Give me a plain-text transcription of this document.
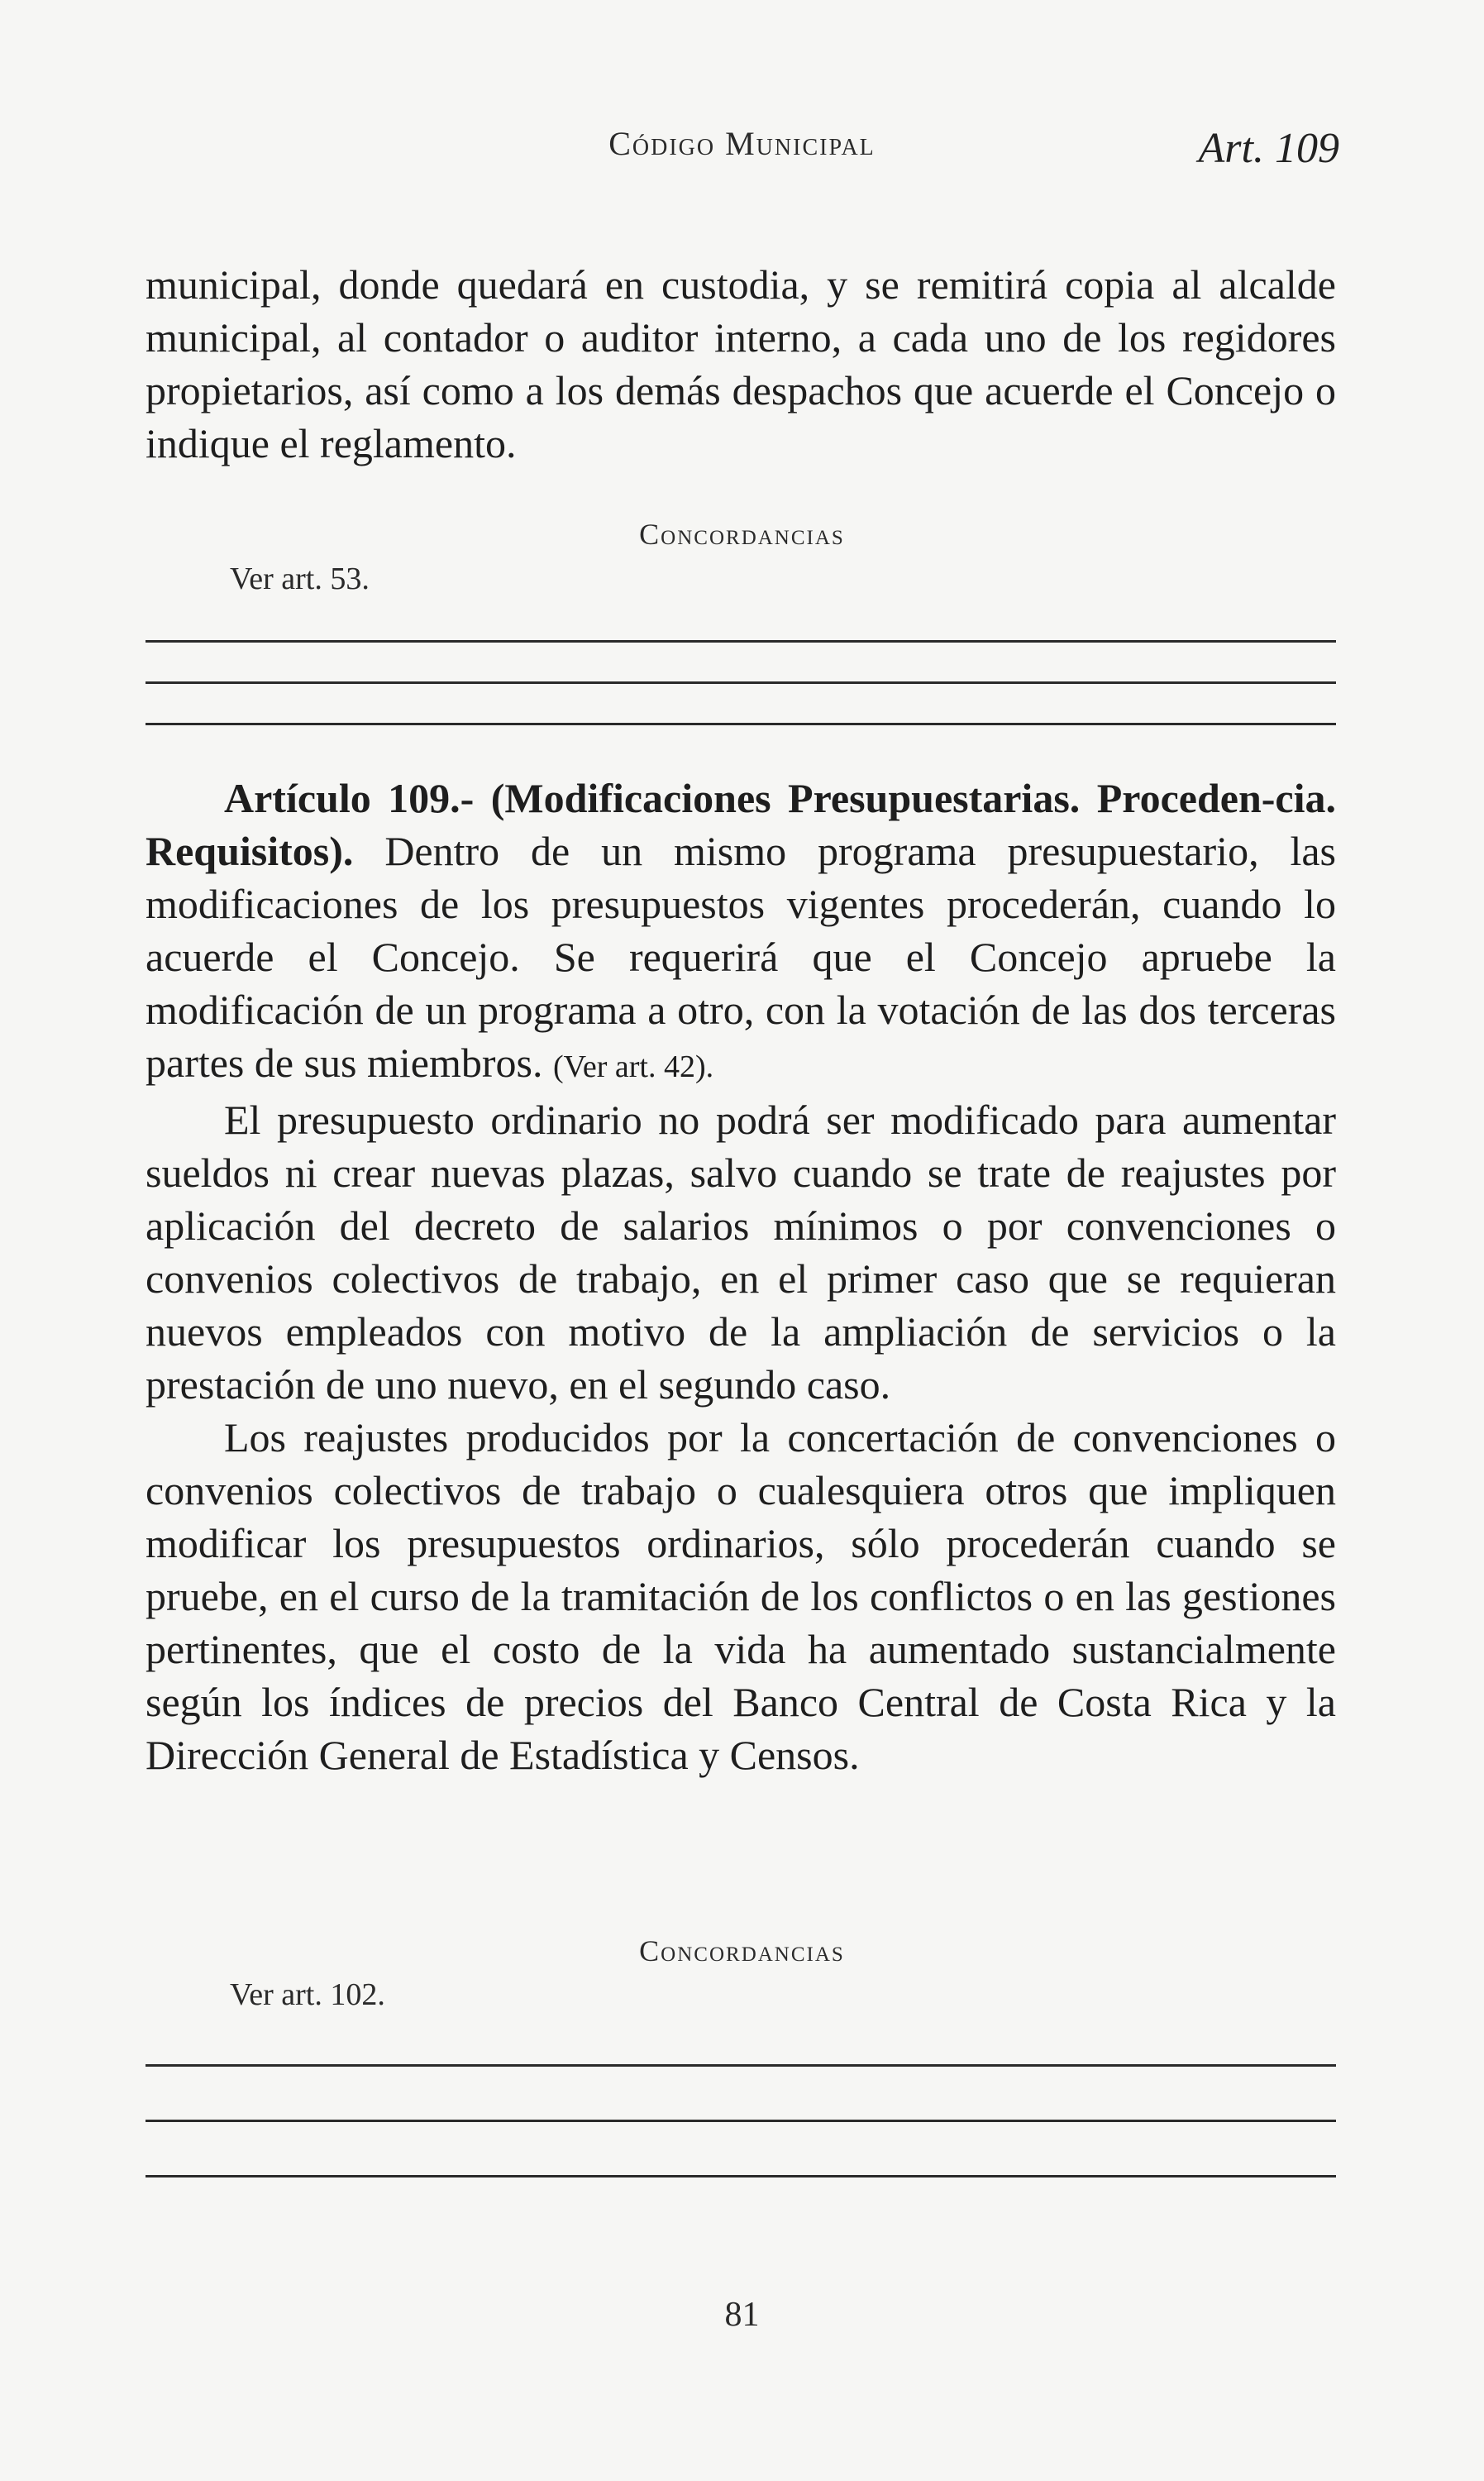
Código Municipal	Art. 109

municipal, donde quedará en custodia, y se remitirá copia al alcalde municipal, al contador o auditor interno, a cada uno de los regidores propietarios, así como a los demás despachos que acuerde el Concejo o indique el reglamento.

Concordancias
Ver art. 53.

Artículo 109.- (Modificaciones Presupuestarias. Proceden-cia. Requisitos). Dentro de un mismo programa presupuestario, las modificaciones de los presupuestos vigentes procederán, cuando lo acuerde el Concejo. Se requerirá que el Concejo apruebe la modificación de un programa a otro, con la votación de las dos terceras partes de sus miembros. (Ver art. 42).

El presupuesto ordinario no podrá ser modificado para aumentar sueldos ni crear nuevas plazas, salvo cuando se trate de reajustes por aplicación del decreto de salarios mínimos o por convenciones o convenios colectivos de trabajo, en el primer caso que se requieran nuevos empleados con motivo de la ampliación de servicios o la prestación de uno nuevo, en el segundo caso.

Los reajustes producidos por la concertación de convenciones o convenios colectivos de trabajo o cualesquiera otros que impliquen modificar los presupuestos ordinarios, sólo procederán cuando se pruebe, en el curso de la tramitación de los conflictos o en las gestiones pertinentes, que el costo de la vida ha aumentado sustancialmente según los índices de precios del Banco Central de Costa Rica y la Dirección General de Estadística y Censos.

Concordancias
Ver art. 102.
81
